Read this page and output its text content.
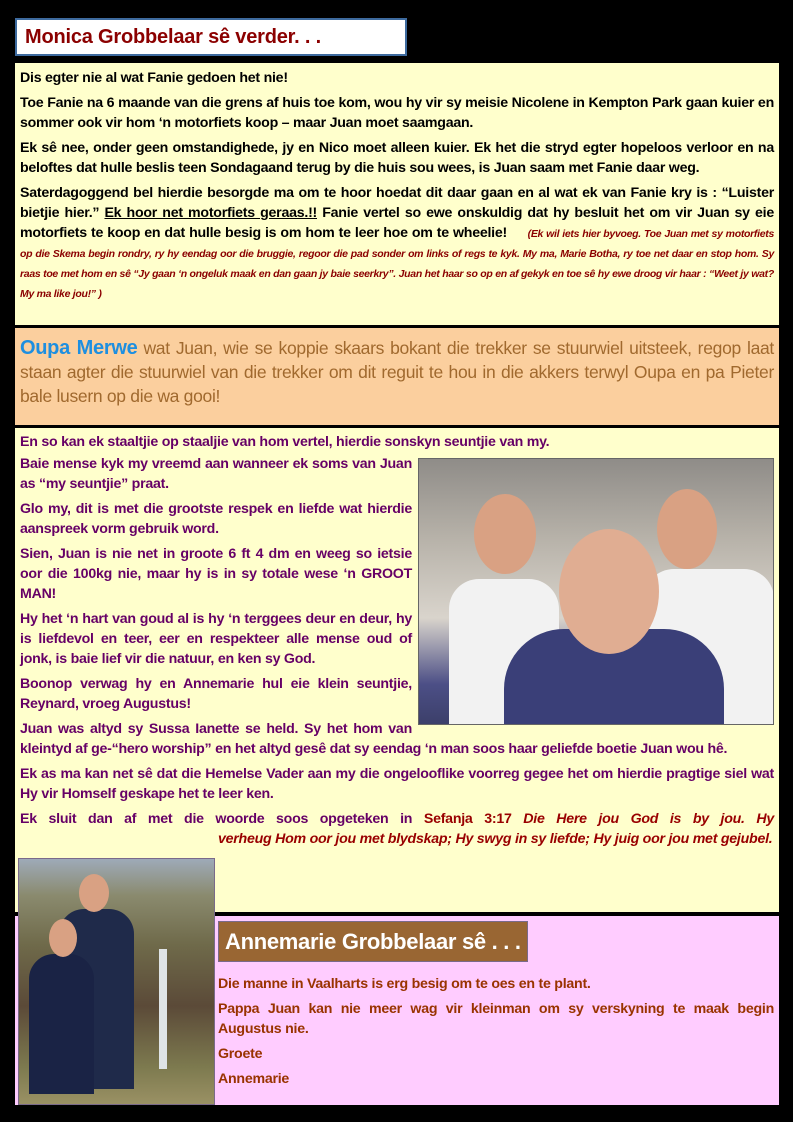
Monica Grobbelaar sê verder. . .

Dis egter nie al wat Fanie gedoen het nie!

Toe Fanie na 6 maande van die grens af huis toe kom, wou hy vir sy meisie Nicolene in Kempton Park gaan kuier en sommer ook vir hom ‘n motorfiets koop – maar Juan moet saamgaan.

Ek sê nee, onder geen omstandighede, jy en Nico moet alleen kuier. Ek het die stryd egter hopeloos verloor en na beloftes dat hulle beslis teen Sondagaand terug by die huis sou wees, is Juan saam met Fanie daar weg.

Saterdagoggend bel hierdie besorgde ma om te hoor hoedat dit daar gaan en al wat ek van Fanie kry is : “Luister bietjie hier.” Ek hoor net motorfiets geraas.!! Fanie vertel so ewe onskuldig dat hy besluit het om vir Juan sy eie motorfiets te koop en dat hulle besig is om hom te leer hoe om te wheelie! (Ek wil iets hier byvoeg. Toe Juan met sy motorfiets op die Skema begin rondry, ry hy eendag oor die bruggie, regoor die pad sonder om links of regs te kyk. My ma, Marie Botha, ry toe net daar en stop hom. Sy raas toe met hom en sê “Jy gaan ‘n ongeluk maak en dan gaan jy baie seerkry”. Juan het haar so op en af gekyk en toe sê hy ewe droog vir haar : “Weet jy wat? My ma like jou!” )

Oupa Merwe wat Juan, wie se koppie skaars bokant die trekker se stuurwiel uitsteek, regop laat staan agter die stuurwiel van die trekker om dit reguit te hou in die akkers terwyl Oupa en pa Pieter bale lusern op die wa gooi!

En so kan ek staaltjie op staaljie van hom vertel, hierdie sonskyn seuntjie van my.

Baie mense kyk my vreemd aan wanneer ek soms van Juan as “my seuntjie” praat.

Glo my, dit is met die grootste respek en liefde wat hierdie aanspreek vorm gebruik word.

Sien, Juan is nie net in groote 6 ft 4 dm en weeg so ietsie oor die 100kg nie, maar hy is in sy totale wese ‘n GROOT MAN!

Hy het ‘n hart van goud al is hy ‘n terggees deur en deur, hy is liefdevol en teer, eer en respekteer alle mense oud of jonk, is baie lief vir die natuur, en ken sy God.

Boonop verwag hy en Annemarie hul eie klein seuntjie, Reynard, vroeg Augustus!

Juan was altyd sy Sussa Ianette se held. Sy het hom van kleintyd af ge-“hero worship” en het altyd gesê dat sy eendag ‘n man soos haar geliefde boetie Juan wou hê.

Ek as ma kan net sê dat die Hemelse Vader aan my die ongelooflike voorreg gegee het om hierdie pragtige siel wat Hy vir Homself geskape het te leer ken.

Ek sluit dan af met die woorde soos opgeteken in Sefanja 3:17 Die Here jou God is by jou. Hy

verheug Hom oor jou met blydskap; Hy swyg in sy liefde; Hy juig oor jou met gejubel.

Annemarie Grobbelaar sê . . .

Die manne in Vaalharts is erg besig om te oes en te plant.

Pappa Juan kan nie meer wag vir kleinman om sy verskyning te maak begin Augustus nie.

Groete

Annemarie
